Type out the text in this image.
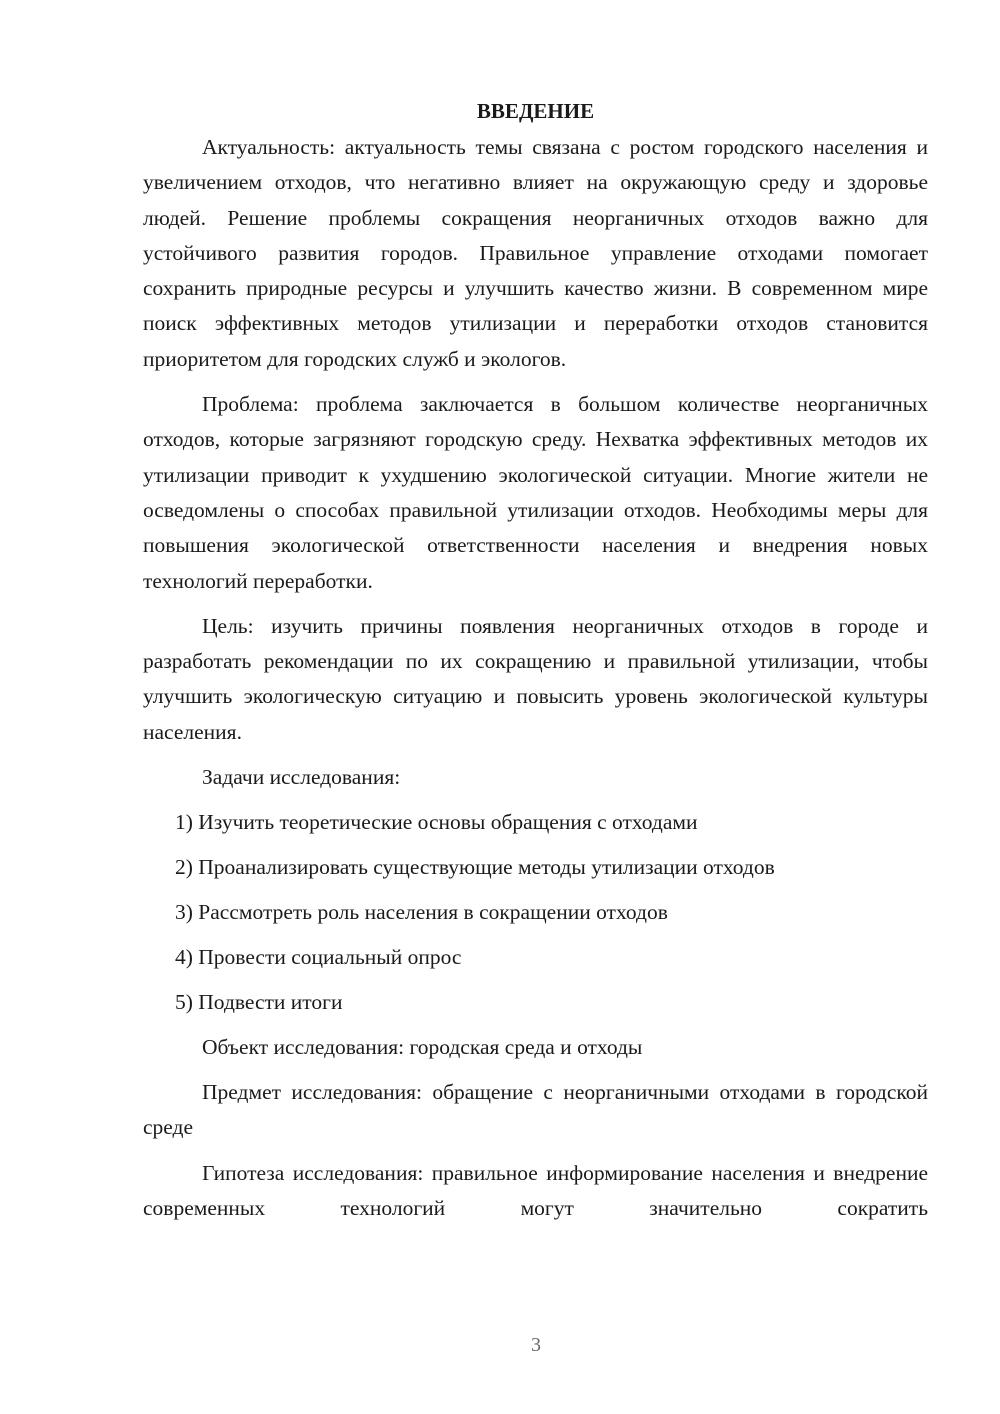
ВВЕДЕНИЕ

Актуальность: актуальность темы связана с ростом городского населения и увеличением отходов, что негативно влияет на окружающую среду и здоровье людей. Решение проблемы сокращения неорганичных отходов важно для устойчивого развития городов. Правильное управление отходами помогает сохранить природные ресурсы и улучшить качество жизни. В современном мире поиск эффективных методов утилизации и переработки отходов становится приоритетом для городских служб и экологов.

Проблема: проблема заключается в большом количестве неорганичных отходов, которые загрязняют городскую среду. Нехватка эффективных методов их утилизации приводит к ухудшению экологической ситуации. Многие жители не осведомлены о способах правильной утилизации отходов. Необходимы меры для повышения экологической ответственности населения и внедрения новых технологий переработки.

Цель: изучить причины появления неорганичных отходов в городе и разработать рекомендации по их сокращению и правильной утилизации, чтобы улучшить экологическую ситуацию и повысить уровень экологической культуры населения.

Задачи исследования:

1) Изучить теоретические основы обращения с отходами
2) Проанализировать существующие методы утилизации отходов
3) Рассмотреть роль населения в сокращении отходов
4) Провести социальный опрос
5) Подвести итоги

Объект исследования: городская среда и отходы

Предмет исследования: обращение с неорганичными отходами в городской среде

Гипотеза исследования: правильное информирование населения и внедрение современных технологий могут значительно сократить

3
